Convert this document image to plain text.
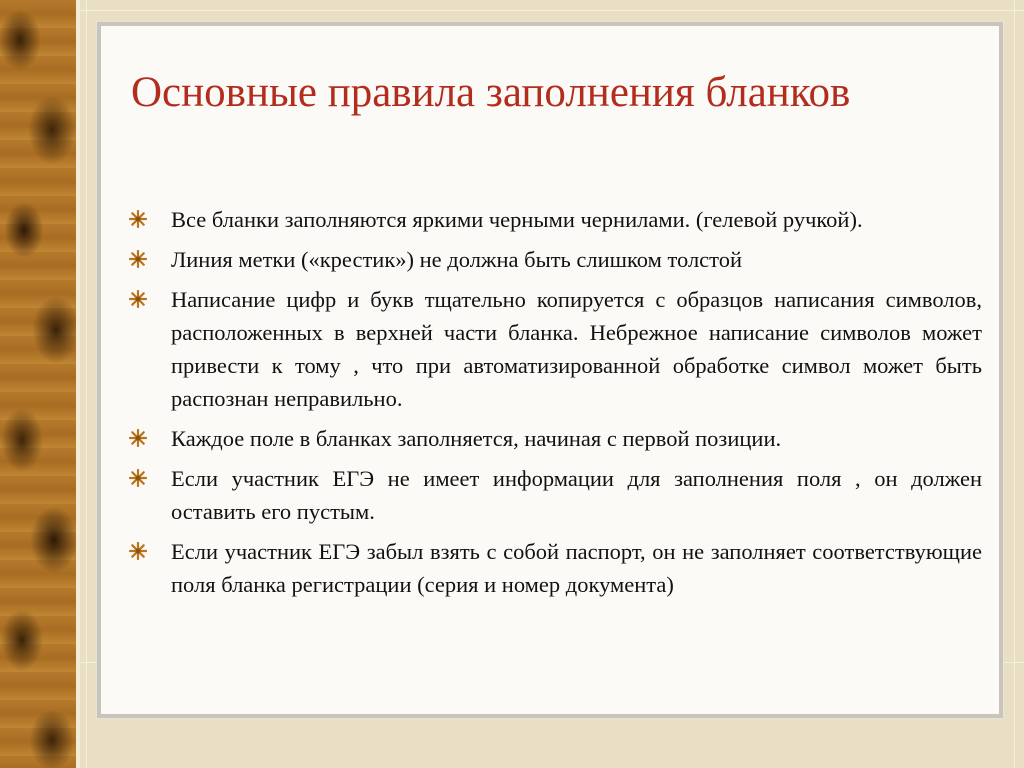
Основные правила заполнения бланков
Все бланки заполняются яркими черными чернилами. (гелевой ручкой).
Линия метки («крестик») не должна быть слишком толстой
Написание цифр и букв тщательно копируется с образцов написания символов, расположенных в верхней части бланка. Небрежное написание символов может привести к тому , что при автоматизированной обработке символ может быть распознан неправильно.
Каждое поле в бланках заполняется, начиная с первой позиции.
Если участник ЕГЭ не имеет информации для заполнения поля , он должен оставить его пустым.
Если участник ЕГЭ забыл взять с собой паспорт, он не заполняет соответствующие поля бланка регистрации (серия и номер документа)
